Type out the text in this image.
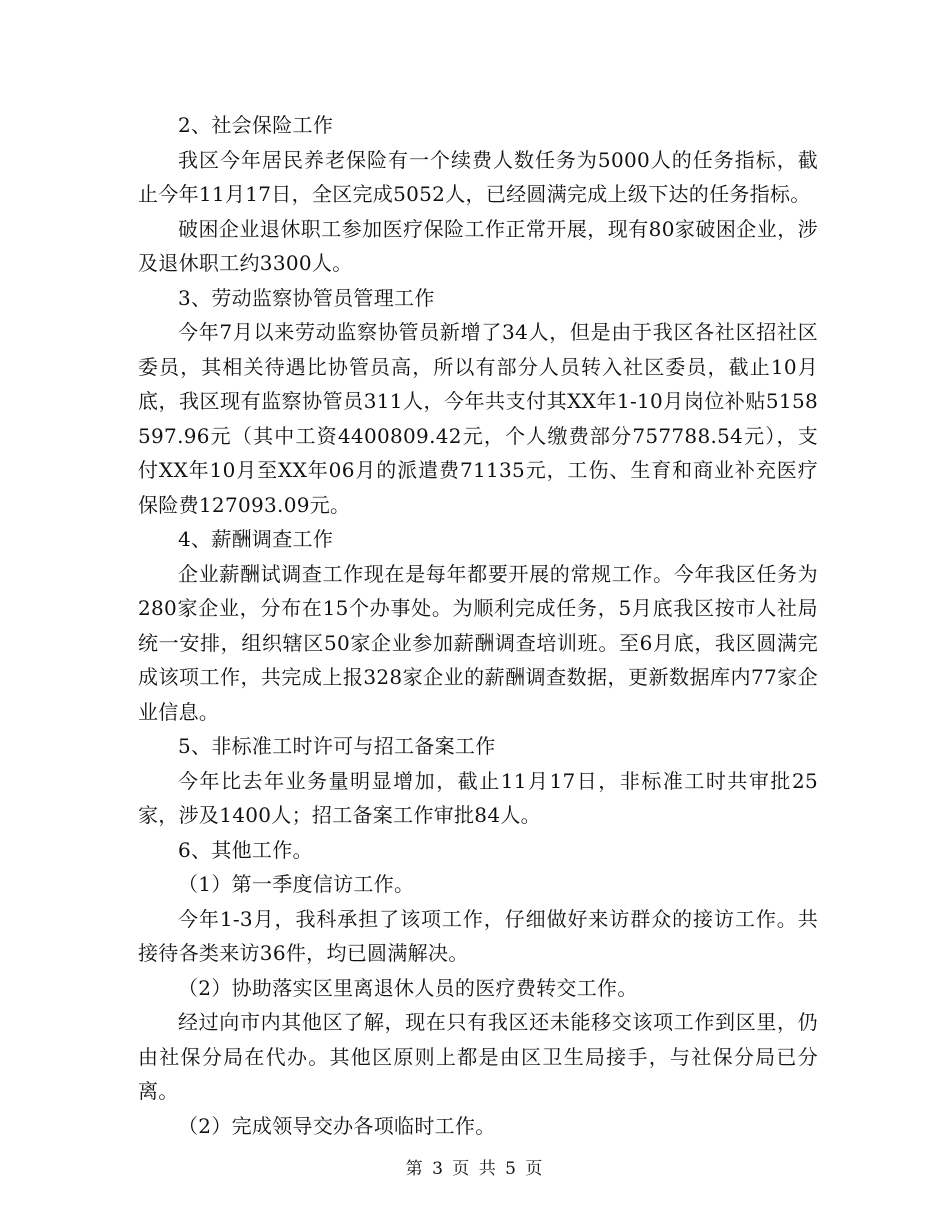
2、社会保险工作

我区今年居民养老保险有一个续费人数任务为5000人的任务指标，截止今年11月17日，全区完成5052人，已经圆满完成上级下达的任务指标。

破困企业退休职工参加医疗保险工作正常开展，现有80家破困企业，涉及退休职工约3300人。

3、劳动监察协管员管理工作

今年7月以来劳动监察协管员新增了34人，但是由于我区各社区招社区委员，其相关待遇比协管员高，所以有部分人员转入社区委员，截止10月底，我区现有监察协管员311人，今年共支付其XX年1-10月岗位补贴5158597.96元（其中工资4400809.42元，个人缴费部分757788.54元），支付XX年10月至XX年06月的派遣费71135元，工伤、生育和商业补充医疗保险费127093.09元。

4、薪酬调查工作

企业薪酬试调查工作现在是每年都要开展的常规工作。今年我区任务为280家企业，分布在15个办事处。为顺利完成任务，5月底我区按市人社局统一安排，组织辖区50家企业参加薪酬调查培训班。至6月底，我区圆满完成该项工作，共完成上报328家企业的薪酬调查数据，更新数据库内77家企业信息。

5、非标准工时许可与招工备案工作

今年比去年业务量明显增加，截止11月17日，非标准工时共审批25家，涉及1400人；招工备案工作审批84人。

6、其他工作。

（1）第一季度信访工作。

今年1-3月，我科承担了该项工作，仔细做好来访群众的接访工作。共接待各类来访36件，均已圆满解决。

（2）协助落实区里离退休人员的医疗费转交工作。

经过向市内其他区了解，现在只有我区还未能移交该项工作到区里，仍由社保分局在代办。其他区原则上都是由区卫生局接手，与社保分局已分离。

（2）完成领导交办各项临时工作。

第 3 页 共 5 页
